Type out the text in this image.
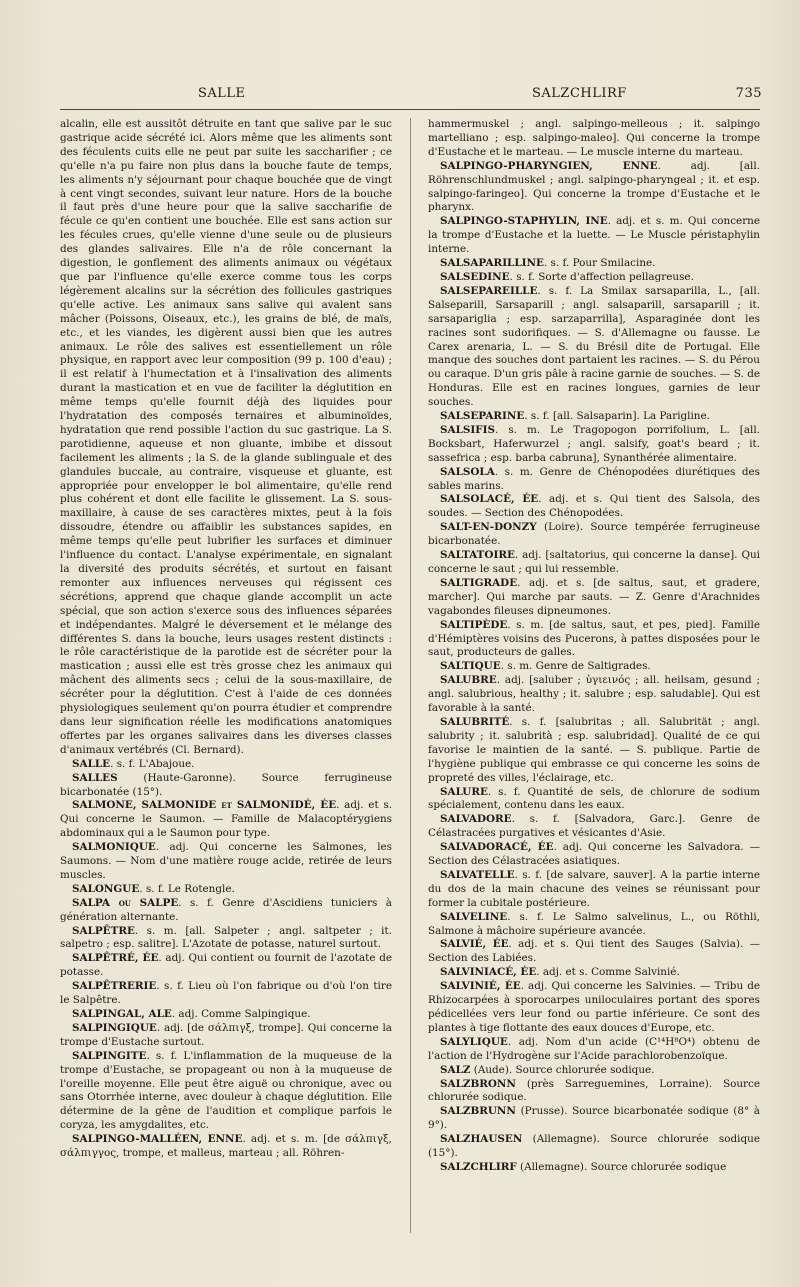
SALLE	SALZCHLIRF	735

alcalin, elle est aussitôt détruite en tant que salive par le suc gastrique acide sécrété ici. Alors même que les aliments sont des féculents cuits elle ne peut par suite les saccharifier ; ce qu'elle n'a pu faire non plus dans la bouche faute de temps, les aliments n'y séjournant pour chaque bouchée que de vingt à cent vingt secondes, suivant leur nature. Hors de la bouche il faut près d'une heure pour que la salive saccharifie de fécule ce qu'en contient une bouchée. Elle est sans action sur les fécules crues, qu'elle vienne d'une seule ou de plusieurs des glandes salivaires. Elle n'a de rôle concernant la digestion, le gonflement des aliments animaux ou végétaux que par l'influence qu'elle exerce comme tous les corps légèrement alcalins sur la sécrétion des follicules gastriques qu'elle active. Les animaux sans salive qui avalent sans mâcher (Poissons, Oiseaux, etc.), les grains de blé, de maïs, etc., et les viandes, les digèrent aussi bien que les autres animaux. Le rôle des salives est essentiellement un rôle physique, en rapport avec leur composition (99 p. 100 d'eau) ; il est relatif à l'humectation et à l'insalivation des aliments durant la mastication et en vue de faciliter la déglutition en même temps qu'elle fournit déjà des liquides pour l'hydratation des composés ternaires et albuminoïdes, hydratation que rend possible l'action du suc gastrique. La S. parotidienne, aqueuse et non gluante, imbibe et dissout facilement les aliments ; la S. de la glande sublinguale et des glandules buccale, au contraire, visqueuse et gluante, est appropriée pour envelopper le bol alimentaire, qu'elle rend plus cohérent et dont elle facilite le glissement. La S. sous-maxillaire, à cause de ses caractères mixtes, peut à la fois dissoudre, étendre ou affaiblir les substances sapides, en même temps qu'elle peut lubrifier les surfaces et diminuer l'influence du contact. L'analyse expérimentale, en signalant la diversité des produits sécrétés, et surtout en faisant remonter aux influences nerveuses qui régissent ces sécrétions, apprend que chaque glande accomplit un acte spécial, que son action s'exerce sous des influences séparées et indépendantes. Malgré le déversement et le mélange des différentes S. dans la bouche, leurs usages restent distincts : le rôle caractéristique de la parotide est de sécréter pour la mastication ; aussi elle est très grosse chez les animaux qui mâchent des aliments secs ; celui de la sous-maxillaire, de sécréter pour la déglutition. C'est à l'aide de ces données physiologiques seulement qu'on pourra étudier et comprendre dans leur signification réelle les modifications anatomiques offertes par les organes salivaires dans les diverses classes d'animaux vertébrés (Cl. Bernard).

SALLE. s. f. L'Abajoue.

SALLES (Haute-Garonne). Source ferrugineuse bicarbonatée (15°).

SALMONE, SALMONIDE et SALMONIDÉ, ÉE. adj. et s. Qui concerne le Saumon. — Famille de Malacoptérygiens abdominaux qui a le Saumon pour type.

SALMONIQUE. adj. Qui concerne les Salmones, les Saumons. — Nom d'une matière rouge acide, retirée de leurs muscles.

SALONGUE. s. f. Le Rotengle.

SALPA ou SALPE. s. f. Genre d'Ascidiens tuniciers à génération alternante.

SALPÊTRE. s. m. [all. Salpeter ; angl. saltpeter ; it. salpetro ; esp. salitre]. L'Azotate de potasse, naturel surtout.

SALPÊTRÉ, ÉE. adj. Qui contient ou fournit de l'azotate de potasse.

SALPÊTRERIE. s. f. Lieu où l'on fabrique ou d'où l'on tire le Salpêtre.

SALPINGAL, ALE. adj. Comme Salpingique.

SALPINGIQUE. adj. [de σάλπιγξ, trompe]. Qui concerne la trompe d'Eustache surtout.

SALPINGITE. s. f. L'inflammation de la muqueuse de la trompe d'Eustache, se propageant ou non à la muqueuse de l'oreille moyenne. Elle peut être aiguë ou chronique, avec ou sans Otorrhée interne, avec douleur à chaque déglutition. Elle détermine de la gêne de l'audition et complique parfois le coryza, les amygdalites, etc.

SALPINGO-MALLÉEN, ENNE. adj. et s. m. [de σάλπιγξ, σάλπιγγος, trompe, et malleus, marteau ; all. Röhren-

hammermuskel ; angl. salpingo-melleous ; it. salpingo martelliano ; esp. salpingo-maleo]. Qui concerne la trompe d'Eustache et le marteau. — Le muscle interne du marteau.

SALPINGO-PHARYNGIEN, ENNE. adj. [all. Röhrenschlundmuskel ; angl. salpingo-pharyngeal ; it. et esp. salpingo-faringeo]. Qui concerne la trompe d'Eustache et le pharynx.

SALPINGO-STAPHYLIN, INE. adj. et s. m. Qui concerne la trompe d'Eustache et la luette. — Le Muscle péristaphylin interne.

SALSAPARILLINE. s. f. Pour Smilacine.

SALSEDINE. s. f. Sorte d'affection pellagreuse.

SALSEPAREILLE. s. f. La Smilax sarsaparilla, L., [all. Salseparill, Sarsaparill ; angl. salsaparill, sarsaparill ; it. sarsapariglia ; esp. sarzaparrilla], Asparaginée dont les racines sont sudorifiques. — S. d'Allemagne ou fausse. Le Carex arenaria, L. — S. du Brésil dite de Portugal. Elle manque des souches dont partaient les racines. — S. du Pérou ou caraque. D'un gris pâle à racine garnie de souches. — S. de Honduras. Elle est en racines longues, garnies de leur souches.

SALSEPARINE. s. f. [all. Salsaparin]. La Parigline.

SALSIFIS. s. m. Le Tragopogon porrifolium, L. [all. Bocksbart, Haferwurzel ; angl. salsify, goat's beard ; it. sassefrica ; esp. barba cabruna], Synanthérée alimentaire.

SALSOLA. s. m. Genre de Chénopodées diurétiques des sables marins.

SALSOLACÉ, ÉE. adj. et s. Qui tient des Salsola, des soudes. — Section des Chénopodées.

SALT-EN-DONZY (Loire). Source tempérée ferrugineuse bicarbonatée.

SALTATOIRE. adj. [saltatorius, qui concerne la danse]. Qui concerne le saut ; qui lui ressemble.

SALTIGRADE. adj. et s. [de saltus, saut, et gradere, marcher]. Qui marche par sauts. — Z. Genre d'Arachnides vagabondes fileuses dipneumones.

SALTIPÈDE. s. m. [de saltus, saut, et pes, pied]. Famille d'Hémiptères voisins des Pucerons, à pattes disposées pour le saut, producteurs de galles.

SALTIQUE. s. m. Genre de Saltigrades.

SALUBRE. adj. [saluber ; ὑγιεινός ; all. heilsam, gesund ; angl. salubrious, healthy ; it. salubre ; esp. saludable]. Qui est favorable à la santé.

SALUBRITÉ. s. f. [salubritas ; all. Salubrität ; angl. salubrity ; it. salubrità ; esp. salubridad]. Qualité de ce qui favorise le maintien de la santé. — S. publique. Partie de l'hygiène publique qui embrasse ce qui concerne les soins de propreté des villes, l'éclairage, etc.

SALURE. s. f. Quantité de sels, de chlorure de sodium spécialement, contenu dans les eaux.

SALVADORE. s. f. [Salvadora, Garc.]. Genre de Célastracées purgatives et vésicantes d'Asie.

SALVADORACÉ, ÉE. adj. Qui concerne les Salvadora. — Section des Célastracées asiatiques.

SALVATELLE. s. f. [de salvare, sauver]. A la partie interne du dos de la main chacune des veines se réunissant pour former la cubitale postérieure.

SALVELINE. s. f. Le Salmo salvelinus, L., ou Röthli, Salmone à mâchoire supérieure avancée.

SALVIÉ, ÉE. adj. et s. Qui tient des Sauges (Salvia). — Section des Labiées.

SALVINIACÉ, ÉE. adj. et s. Comme Salvinié.

SALVINIÉ, ÉE. adj. Qui concerne les Salvinies. — Tribu de Rhizocarpées à sporocarpes uniloculaires portant des spores pédicellées vers leur fond ou partie inférieure. Ce sont des plantes à tige flottante des eaux douces d'Europe, etc.

SALYLIQUE. adj. Nom d'un acide (C¹⁴H⁸O⁴) obtenu de l'action de l'Hydrogène sur l'Acide parachlorobenzoïque.

SALZ (Aude). Source chlorurée sodique.

SALZBRONN (près Sarreguemines, Lorraine). Source chlorurée sodique.

SALZBRUNN (Prusse). Source bicarbonatée sodique (8° à 9°).

SALZHAUSEN (Allemagne). Source chlorurée sodique (15°).

SALZCHLIRF (Allemagne). Source chlorurée sodique
